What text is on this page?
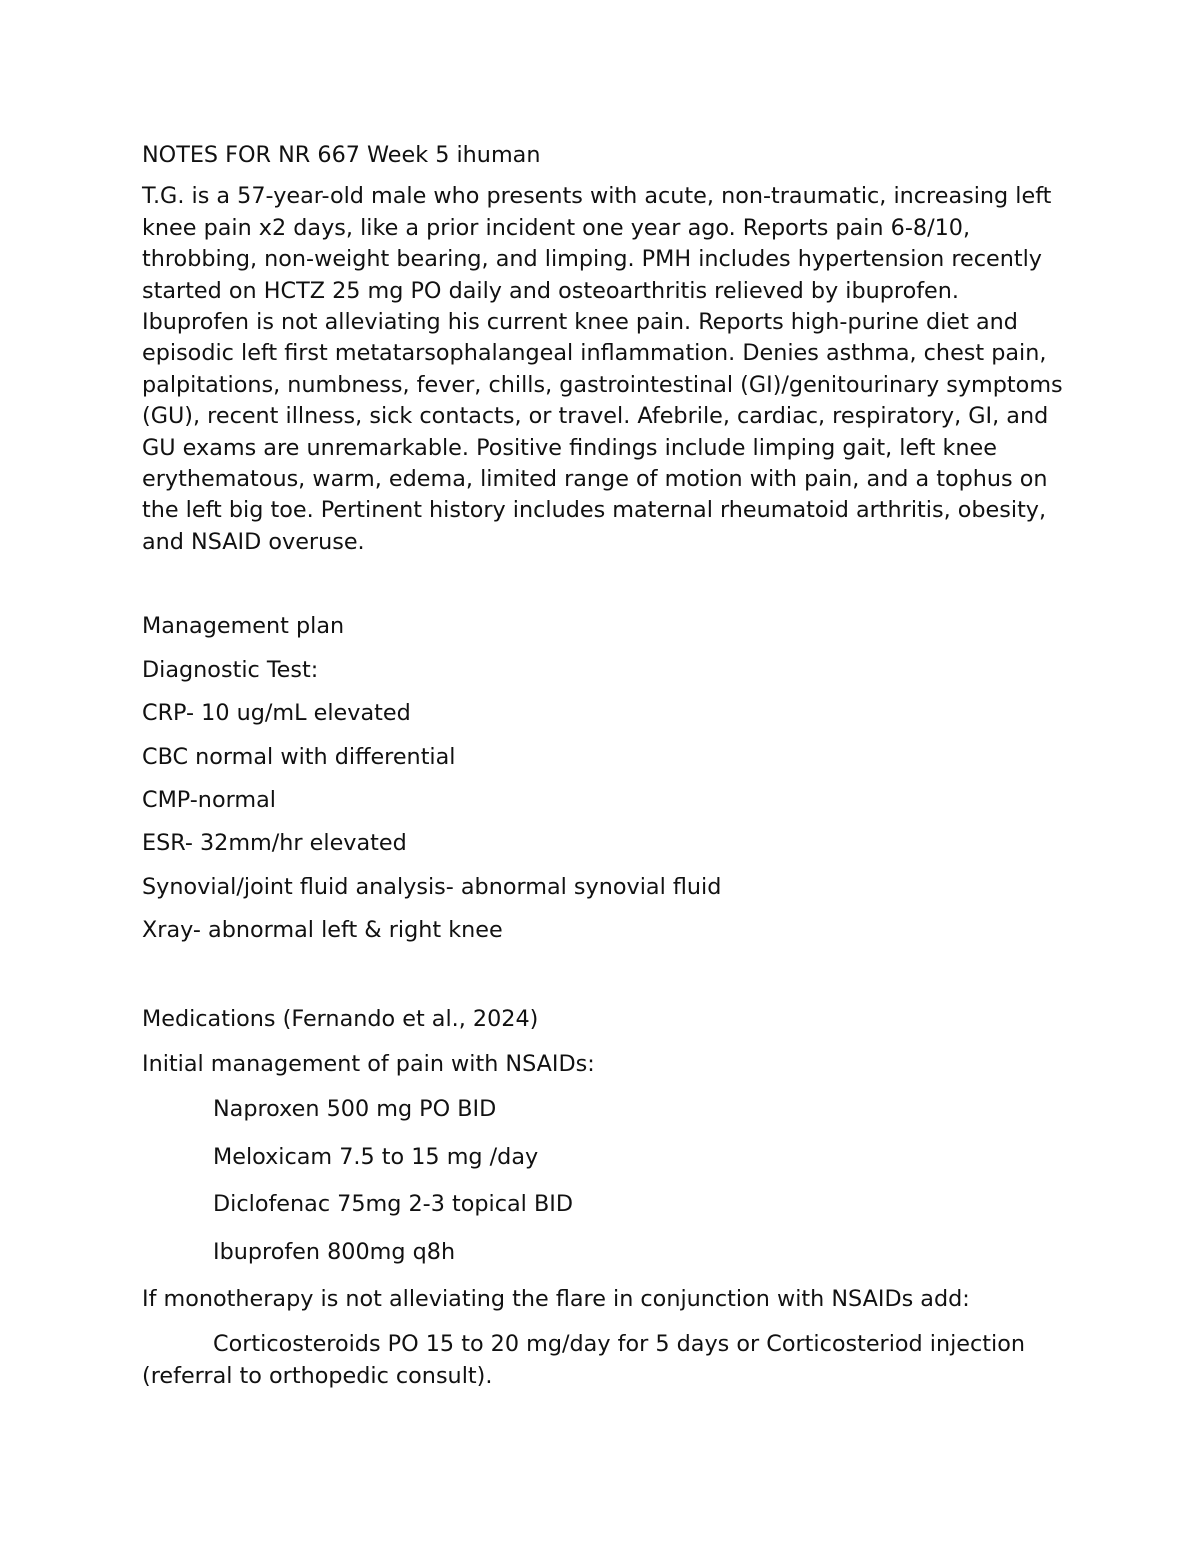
NOTES FOR NR 667 Week 5 ihuman

T.G. is a 57-year-old male who presents with acute, non-traumatic, increasing left knee pain x2 days, like a prior incident one year ago. Reports pain 6-8/10, throbbing, non-weight bearing, and limping. PMH includes hypertension recently started on HCTZ 25 mg PO daily and osteoarthritis relieved by ibuprofen. Ibuprofen is not alleviating his current knee pain. Reports high-purine diet and episodic left first metatarsophalangeal inflammation. Denies asthma, chest pain, palpitations, numbness, fever, chills, gastrointestinal (GI)/genitourinary symptoms (GU), recent illness, sick contacts, or travel. Afebrile, cardiac, respiratory, GI, and GU exams are unremarkable. Positive findings include limping gait, left knee erythematous, warm, edema, limited range of motion with pain, and a tophus on the left big toe. Pertinent history includes maternal rheumatoid arthritis, obesity, and NSAID overuse.

Management plan

Diagnostic Test:

CRP- 10 ug/mL elevated

CBC normal with differential

CMP-normal

ESR- 32mm/hr elevated

Synovial/joint fluid analysis- abnormal synovial fluid

Xray- abnormal left & right knee

Medications (Fernando et al., 2024)

Initial management of pain with NSAIDs:

Naproxen 500 mg PO BID

Meloxicam 7.5 to 15 mg /day

Diclofenac 75mg 2-3 topical BID

Ibuprofen 800mg q8h

If monotherapy is not alleviating the flare in conjunction with NSAIDs add:

Corticosteroids PO 15 to 20 mg/day for 5 days or Corticosteriod injection (referral to orthopedic consult).
